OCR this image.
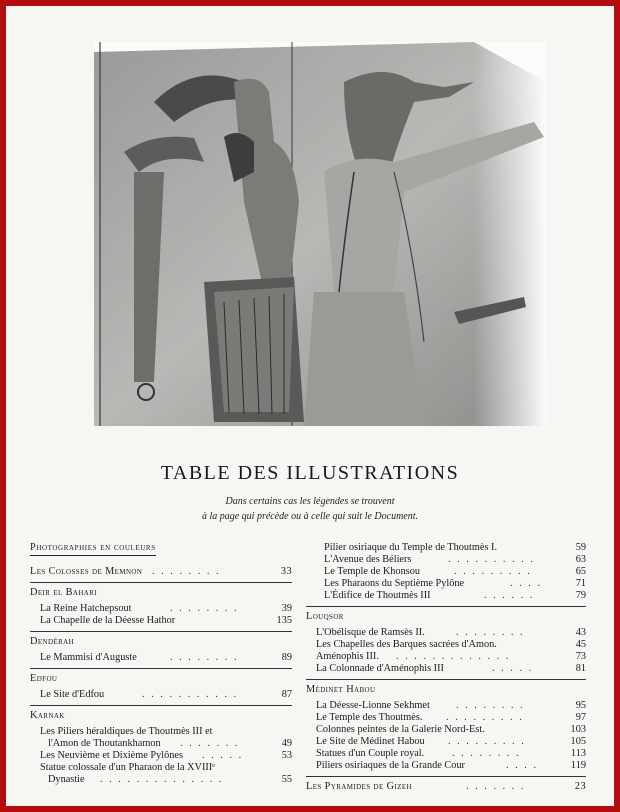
TABLE DES ILLUSTRATIONS
Dans certains cas les légendes se trouvent
à la page qui précède ou à celle qui suit le Document.
Photographies en couleurs
Les Colosses de Memnon . . . . . . . .	33
Deir el Bahari
La Reine Hatchepsout	. . . . . . . .	39
La Chapelle de la Déesse Hathor	135
Dendérah
Le Mammisi d'Auguste	. . . . . . . .	89
Edfou
Le Site d'Edfou	. . . . . . . . . . .	87
Karnak
Les Piliers héraldiques de Thoutmès III et
l'Amon de Thoutankhamon . . . . . . .	49
Les Neuvième et Dixième Pylônes . . . . .	53
Statue colossale d'un Pharaon de la XVIIIᵉ
Dynastie . . . . . . . . . . . . . .	55
Pilier osiriaque du Temple de Thoutmès I.	59
L'Avenue des Béliers	. . . . . . . . . .	63
Le Temple de Khonsou	. . . . . . . . .	65
Les Pharaons du Septième Pylône	. . . .	71
L'Édifice de Thoutmès III	. . . . . .	79
Louqsor
L'Obélisque de Ramsès II.	. . . . . . . .	43
Les Chapelles des Barques sacrées d'Amon.	45
Aménophis III. . . . . . . . . . . . . .	73
La Colonnade d'Aménophis III	. . . . .	81
Médinet Habou
La Déesse-Lionne Sekhmet	. . . . . . . .	95
Le Temple des Thoutmès. . . . . . . . . .	97
Colonnes peintes de la Galerie Nord-Est.	103
Le Site de Médinet Habou . . . . . . . . .	105
Statues d'un Couple royal.	. . . . . . . .	113
Piliers osiriaques de la Grande Cour	. . . .	119
Les Pyramides de Gizeh	. . . . . . .	23
